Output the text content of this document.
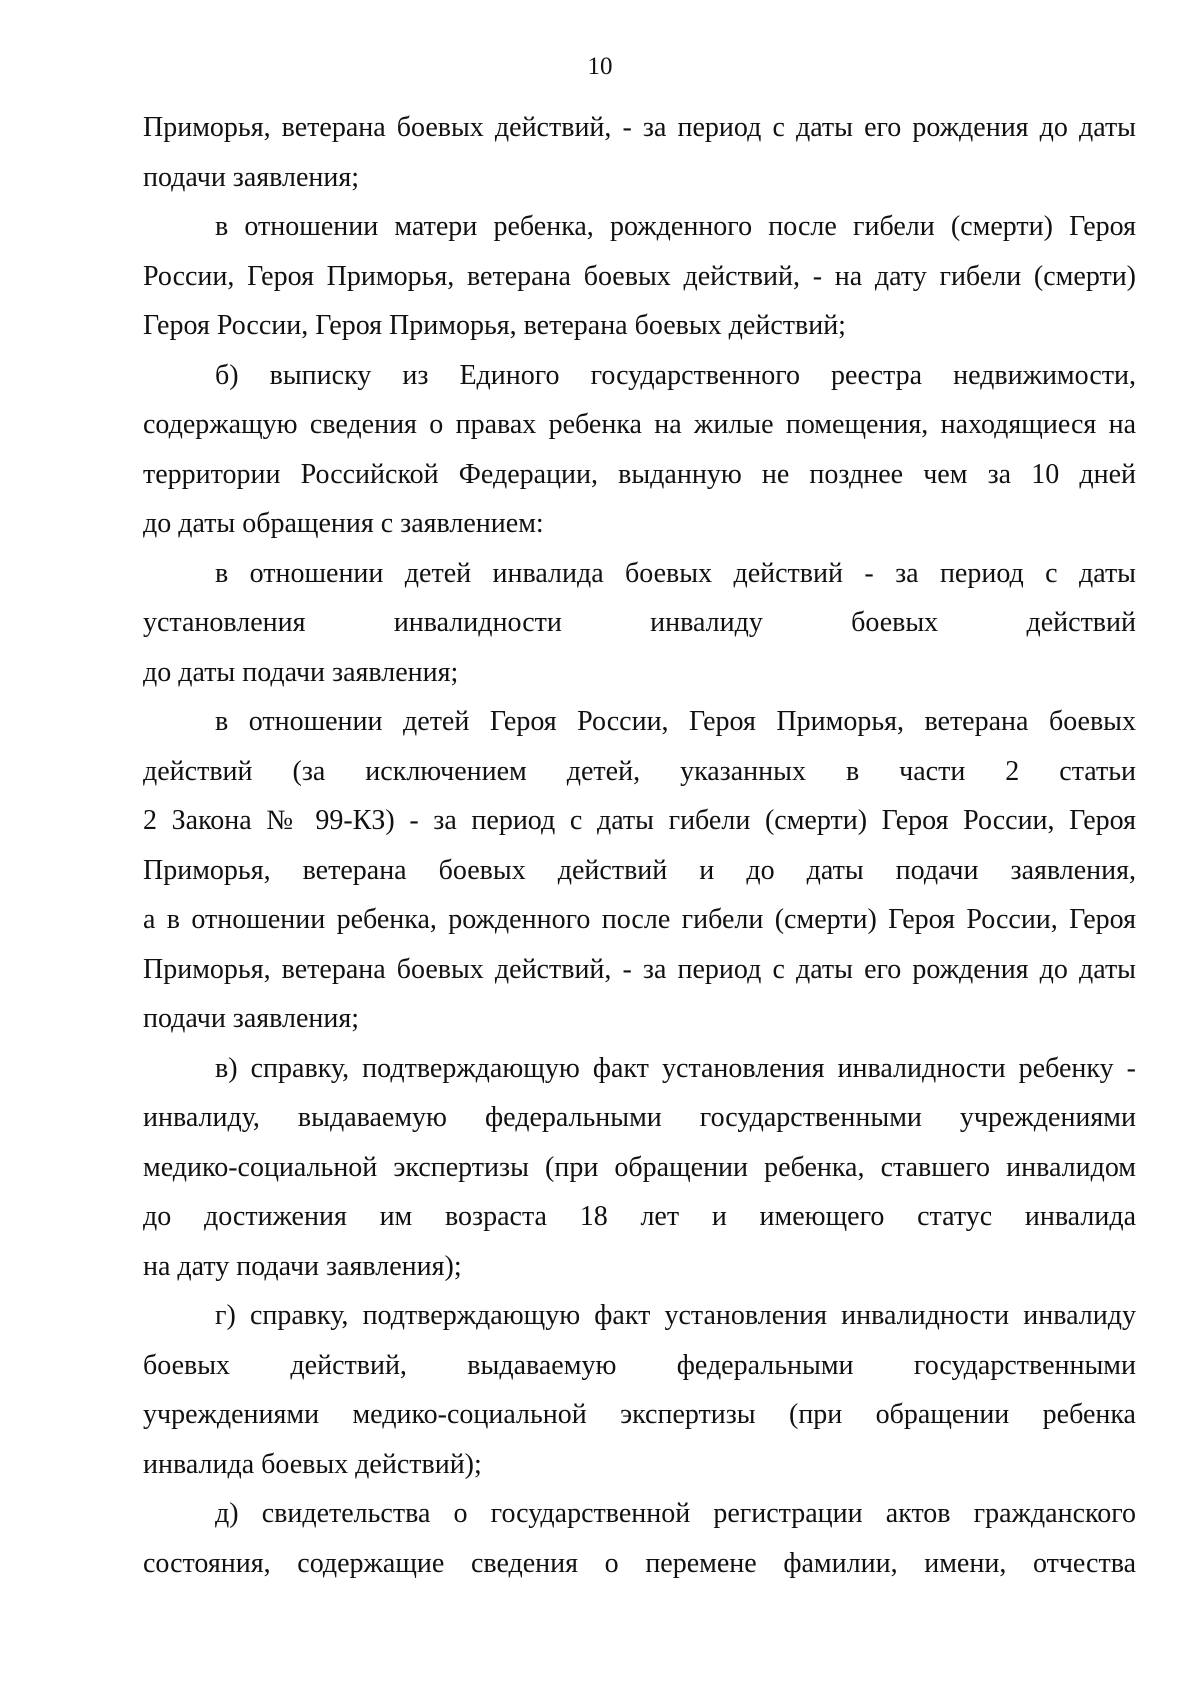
10
Приморья, ветерана боевых действий, - за период с даты его рождения до даты
подачи заявления;
в отношении матери ребенка, рожденного после гибели (смерти) Героя
России, Героя Приморья, ветерана боевых действий, - на дату гибели (смерти)
Героя России, Героя Приморья, ветерана боевых действий;
б) выписку из Единого государственного реестра недвижимости,
содержащую сведения о правах ребенка на жилые помещения, находящиеся на
территории Российской Федерации, выданную не позднее чем за 10 дней
до даты обращения с заявлением:
в отношении детей инвалида боевых действий - за период с даты
установления инвалидности инвалиду боевых действий
до даты подачи заявления;
в отношении детей Героя России, Героя Приморья, ветерана боевых
действий (за исключением детей, указанных в части 2 статьи
2 Закона № 99-КЗ) - за период с даты гибели (смерти) Героя России, Героя
Приморья, ветерана боевых действий и до даты подачи заявления,
а в отношении ребенка, рожденного после гибели (смерти) Героя России, Героя
Приморья, ветерана боевых действий, - за период с даты его рождения до даты
подачи заявления;
в) справку, подтверждающую факт установления инвалидности ребенку -
инвалиду, выдаваемую федеральными государственными учреждениями
медико-социальной экспертизы (при обращении ребенка, ставшего инвалидом
до достижения им возраста 18 лет и имеющего статус инвалида
на дату подачи заявления);
г) справку, подтверждающую факт установления инвалидности инвалиду
боевых действий, выдаваемую федеральными государственными
учреждениями медико-социальной экспертизы (при обращении ребенка
инвалида боевых действий);
д) свидетельства о государственной регистрации актов гражданского
состояния, содержащие сведения о перемене фамилии, имени, отчества
